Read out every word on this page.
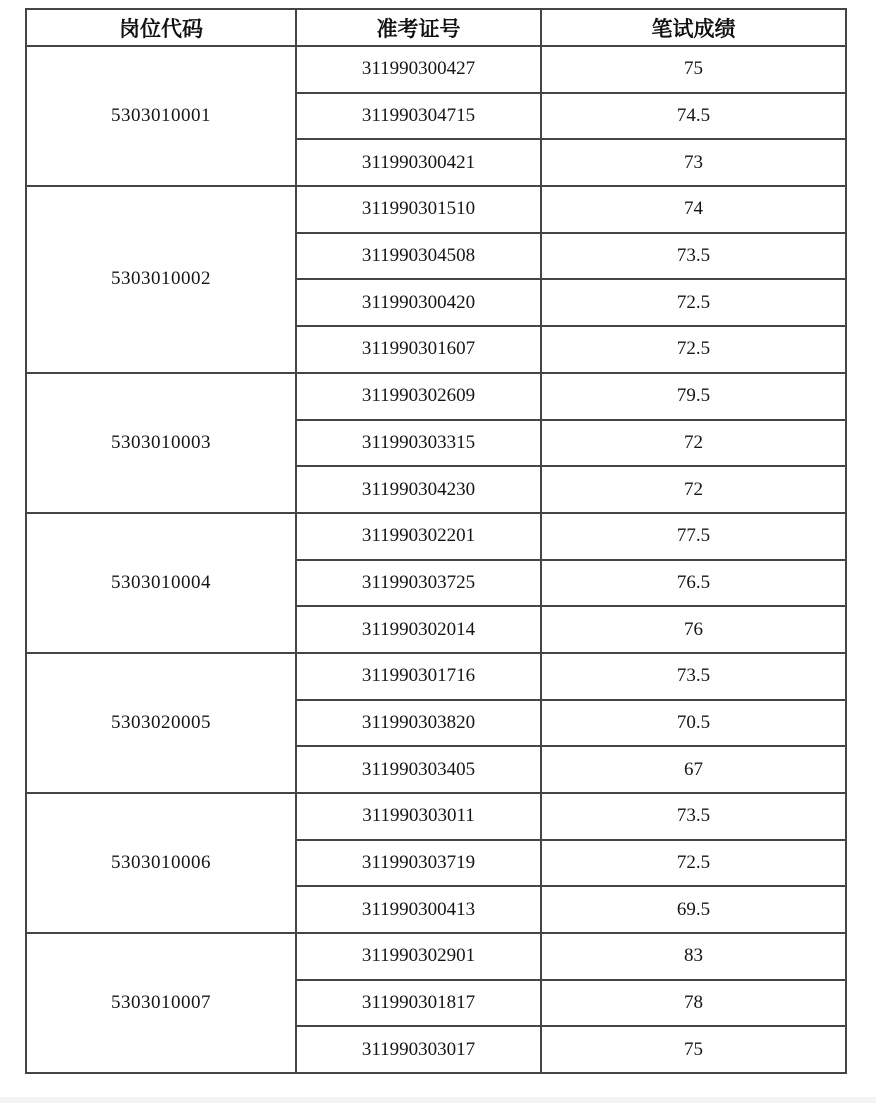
岗位代码	准考证号	笔试成绩
5303010001	311990300427	75
	311990304715	74.5
	311990300421	73
5303010002	311990301510	74
	311990304508	73.5
	311990300420	72.5
	311990301607	72.5
5303010003	311990302609	79.5
	311990303315	72
	311990304230	72
5303010004	311990302201	77.5
	311990303725	76.5
	311990302014	76
5303020005	311990301716	73.5
	311990303820	70.5
	311990303405	67
5303010006	311990303011	73.5
	311990303719	72.5
	311990300413	69.5
5303010007	311990302901	83
	311990301817	78
	311990303017	75
